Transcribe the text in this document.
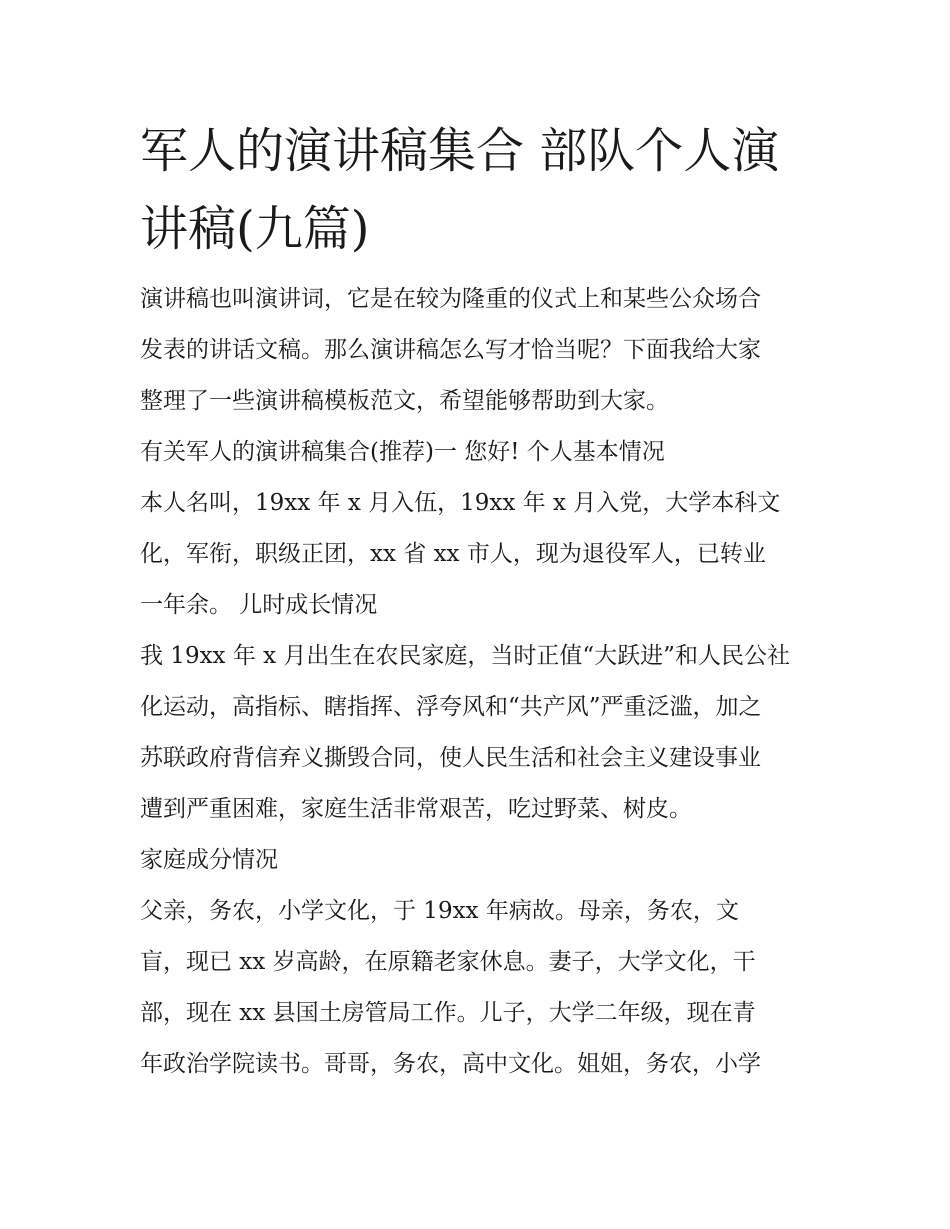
军人的演讲稿集合 部队个人演
讲稿(九篇)
演讲稿也叫演讲词，它是在较为隆重的仪式上和某些公众场合
发表的讲话文稿。那么演讲稿怎么写才恰当呢？下面我给大家
整理了一些演讲稿模板范文，希望能够帮助到大家。
有关军人的演讲稿集合(推荐)一 您好! 个人基本情况
本人名叫，19xx 年 x 月入伍，19xx 年 x 月入党，大学本科文
化，军衔，职级正团，xx 省 xx 市人，现为退役军人，已转业
一年余。 儿时成长情况
我 19xx 年 x 月出生在农民家庭，当时正值“大跃进”和人民公社
化运动，高指标、瞎指挥、浮夸风和“共产风”严重泛滥，加之
苏联政府背信弃义撕毁合同，使人民生活和社会主义建设事业
遭到严重困难，家庭生活非常艰苦，吃过野菜、树皮。
家庭成分情况
父亲，务农，小学文化，于 19xx 年病故。母亲，务农，文
盲，现已 xx 岁高龄，在原籍老家休息。妻子，大学文化，干
部，现在 xx 县国土房管局工作。儿子，大学二年级，现在青
年政治学院读书。哥哥，务农，高中文化。姐姐，务农，小学
